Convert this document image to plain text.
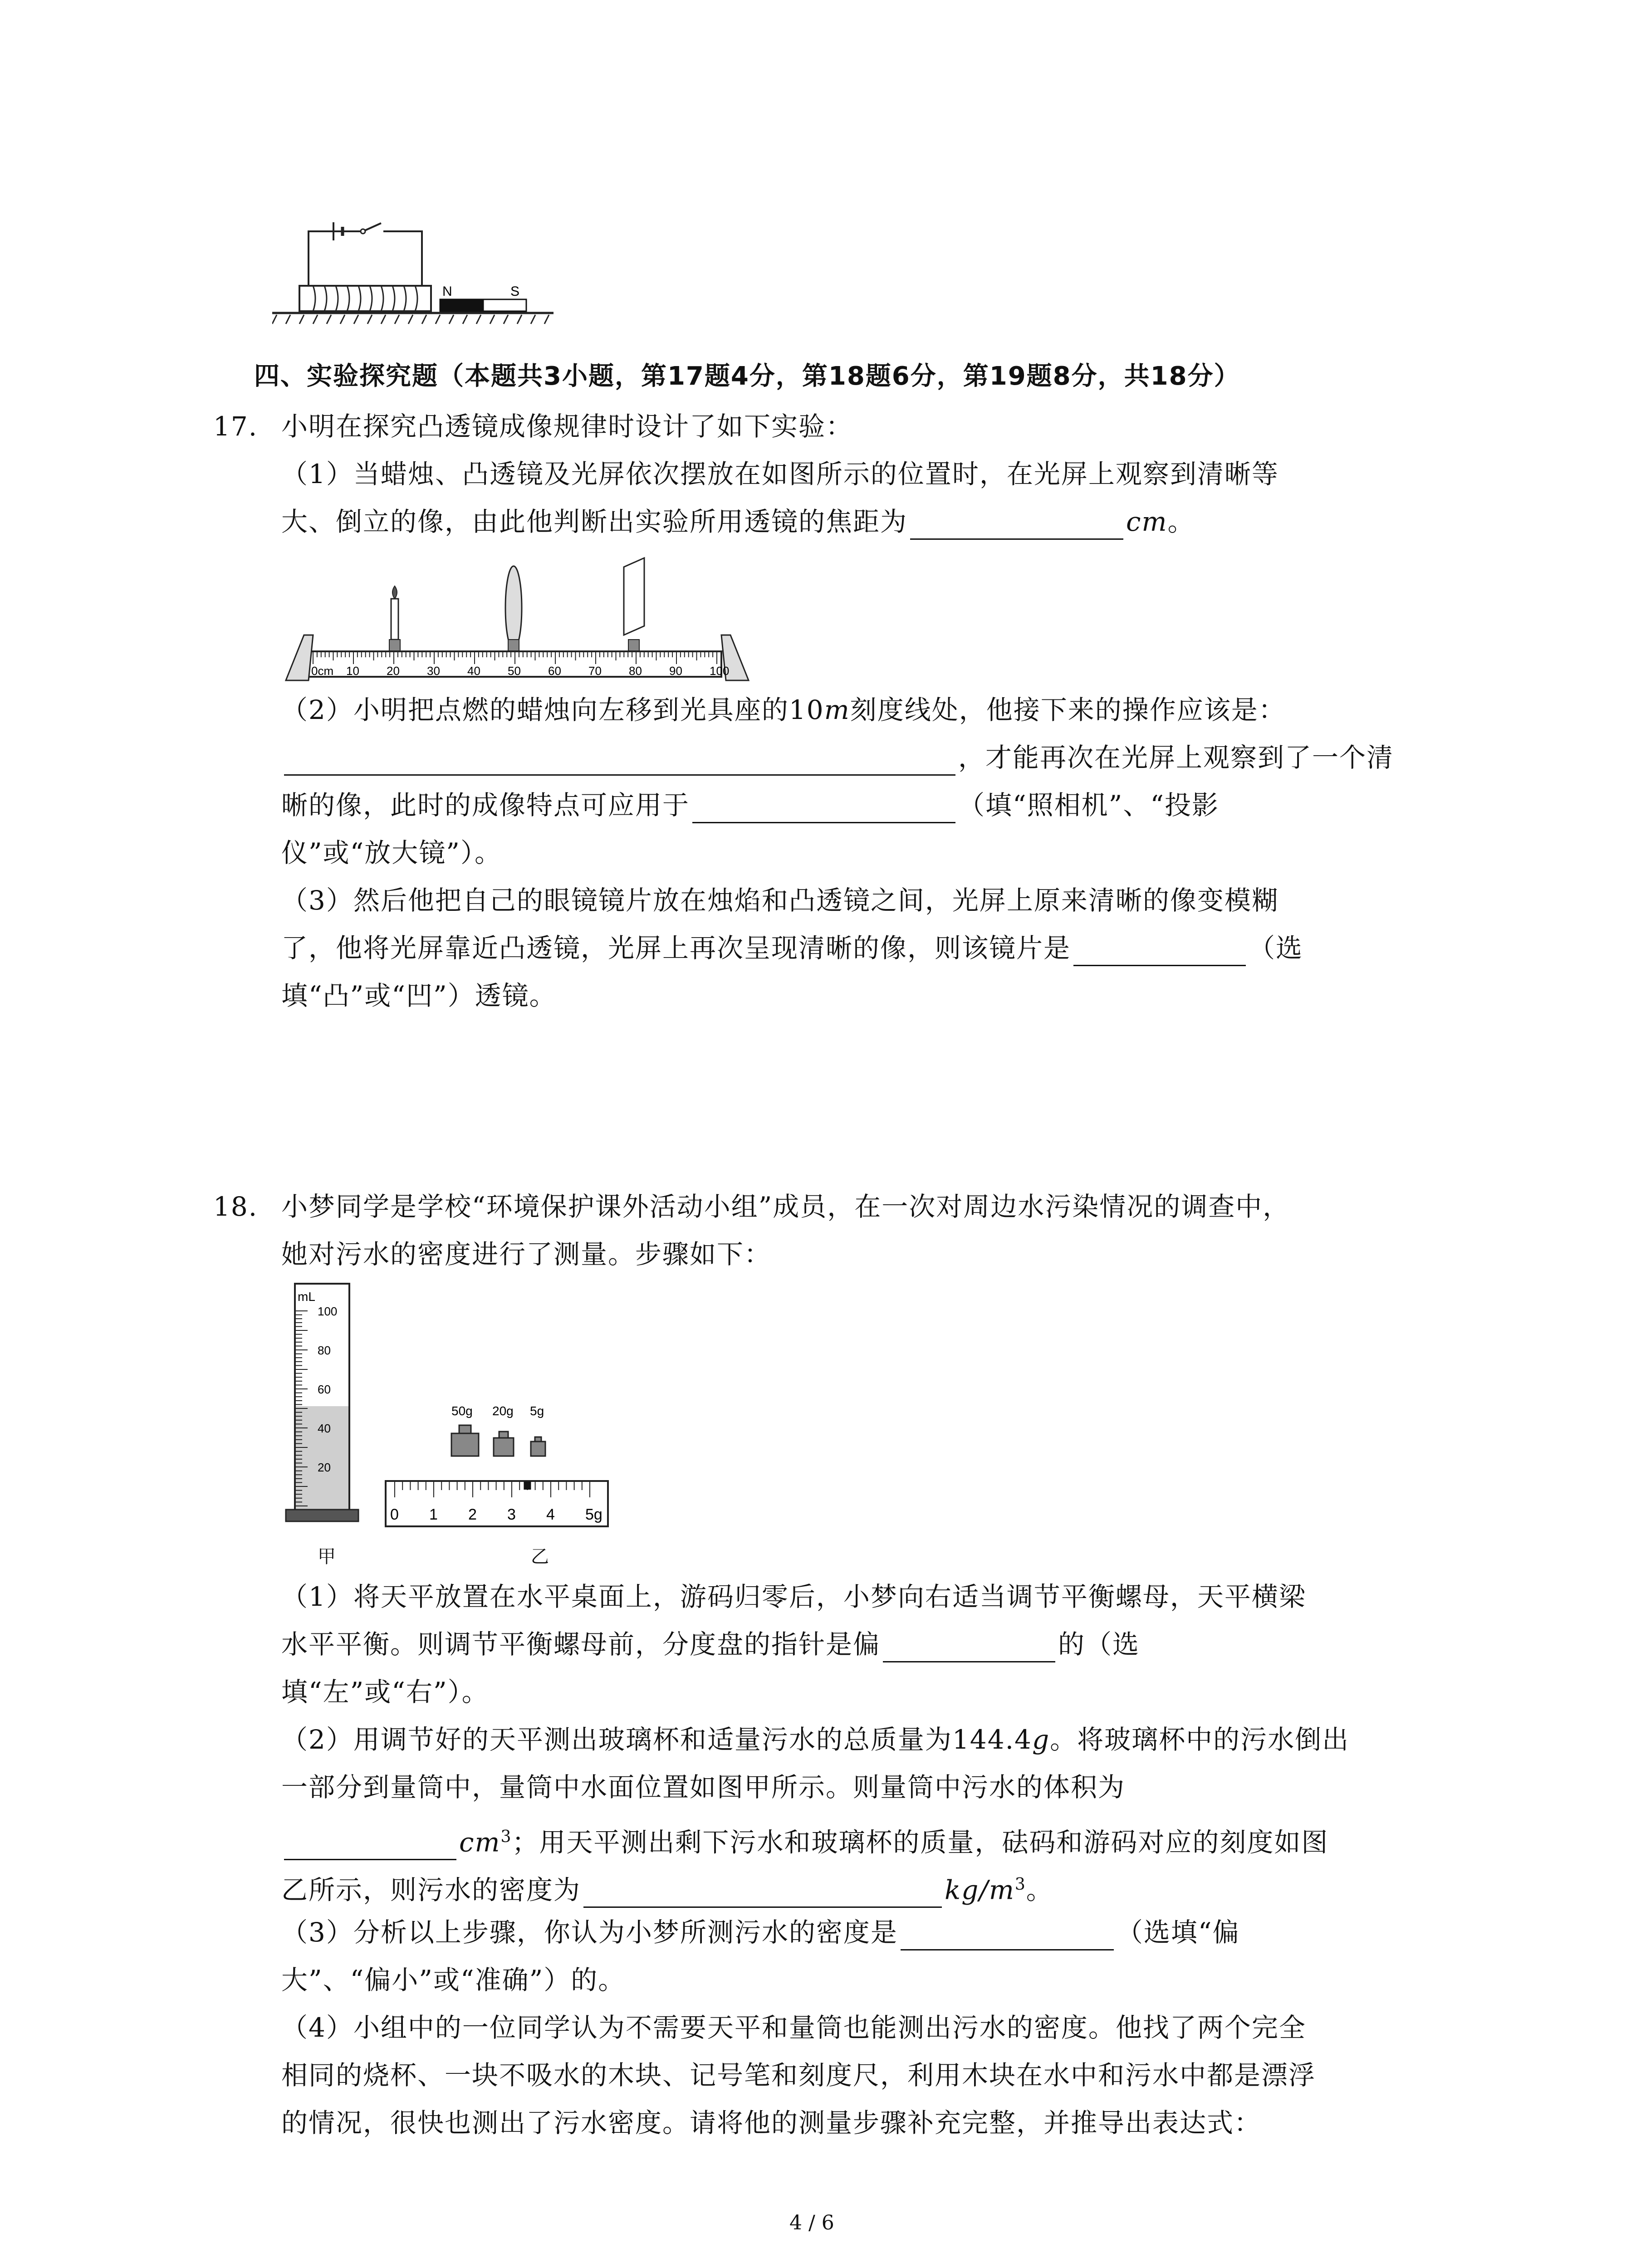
N	S
四、实验探究题（本题共3小题，第17题4分，第18题6分，第19题8分，共18分）
17. 小明在探究凸透镜成像规律时设计了如下实验：
（1）当蜡烛、凸透镜及光屏依次摆放在如图所示的位置时，在光屏上观察到清晰等
大、倒立的像，由此他判断出实验所用透镜的焦距为	cm。
0cm 10 20 30 40 50 60 70 80 90 100
（2）小明把点燃的蜡烛向左移到光具座的10m刻度线处，他接下来的操作应该是：
，才能再次在光屏上观察到了一个清
晰的像，此时的成像特点可应用于	（填“照相机”、“投影
仪”或“放大镜”）。
（3）然后他把自己的眼镜镜片放在烛焰和凸透镜之间，光屏上原来清晰的像变模糊
了，他将光屏靠近凸透镜，光屏上再次呈现清晰的像，则该镜片是	（选
填“凸”或“凹”）透镜。
18. 小梦同学是学校“环境保护课外活动小组”成员，在一次对周边水污染情况的调查中，
她对污水的密度进行了测量。步骤如下：
mL
100
80
60
40
20
甲
50g 20g 5g
0 1 2 3 4 5g
乙
（1）将天平放置在水平桌面上，游码归零后，小梦向右适当调节平衡螺母，天平横梁
水平平衡。则调节平衡螺母前，分度盘的指针是偏	的（选
填“左”或“右”）。
（2）用调节好的天平测出玻璃杯和适量污水的总质量为144.4g。将玻璃杯中的污水倒出
一部分到量筒中，量筒中水面位置如图甲所示。则量筒中污水的体积为
$cm^3$；用天平测出剩下污水和玻璃杯的质量，砝码和游码对应的刻度如图
乙所示，则污水的密度为	$kg/m^3$。
（3）分析以上步骤，你认为小梦所测污水的密度是	（选填“偏
大”、“偏小”或“准确”）的。
（4）小组中的一位同学认为不需要天平和量筒也能测出污水的密度。他找了两个完全
相同的烧杯、一块不吸水的木块、记号笔和刻度尺，利用木块在水中和污水中都是漂浮
的情况，很快也测出了污水密度。请将他的测量步骤补充完整，并推导出表达式：
4 / 6
